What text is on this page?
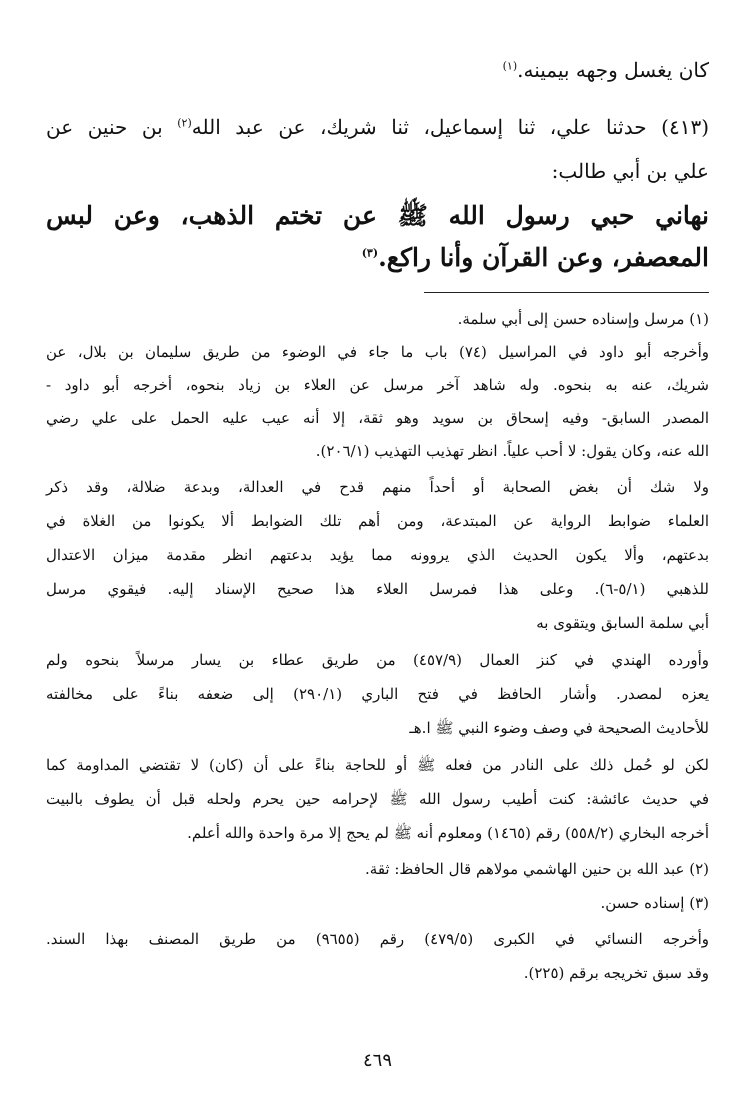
كان يغسل وجهه بيمينه.$^{(١)}$
(٤١٣) حدثنا علي، ثنا إسماعيل، ثنا شريك، عن عبد الله$^{(٢)}$ بن حنين عن
علي بن أبي طالب:
نهاني حبي رسول الله ﷺ عن تختم الذهب، وعن لبس
المعصفر، وعن القرآن وأنا راكع.$^{(٣)}$
(١) مرسل وإسناده حسن إلى أبي سلمة.
وأخرجه أبو داود في المراسيل (٧٤) باب ما جاء في الوضوء من طريق سليمان بن بلال، عن
شريك، عنه به بنحوه. وله شاهد آخر مرسل عن العلاء بن زياد بنحوه، أخرجه أبو داود -
المصدر السابق- وفيه إسحاق بن سويد وهو ثقة، إلا أنه عيب عليه الحمل على علي رضي
الله عنه، وكان يقول: لا أحب علياً. انظر تهذيب التهذيب (٢٠٦/١).
ولا شك أن بغض الصحابة أو أحداً منهم قدح في العدالة، وبدعة ضلالة، وقد ذكر
العلماء ضوابط الرواية عن المبتدعة، ومن أهم تلك الضوابط ألا يكونوا من الغلاة في
بدعتهم، وألا يكون الحديث الذي يروونه مما يؤيد بدعتهم انظر مقدمة ميزان الاعتدال
للذهبي (٥/١-٦). وعلى هذا فمرسل العلاء هذا صحيح الإسناد إليه. فيقوي مرسل
أبي سلمة السابق ويتقوى به
وأورده الهندي في كنز العمال (٤٥٧/٩) من طريق عطاء بن يسار مرسلاً بنحوه ولم
يعزه لمصدر. وأشار الحافظ في فتح الباري (٢٩٠/١) إلى ضعفه بناءً على مخالفته
للأحاديث الصحيحة في وصف وضوء النبي ﷺ ا.هـ
لكن لو حُمل ذلك على النادر من فعله ﷺ أو للحاجة بناءً على أن (كان) لا تقتضي المداومة كما
في حديث عائشة: كنت أطيب رسول الله ﷺ لإحرامه حين يحرم ولحله قبل أن يطوف بالبيت
أخرجه البخاري (٥٥٨/٢) رقم (١٤٦٥) ومعلوم أنه ﷺ لم يحج إلا مرة واحدة والله أعلم.
(٢) عبد الله بن حنين الهاشمي مولاهم قال الحافظ: ثقة.
(٣) إسناده حسن.
وأخرجه النسائي في الكبرى (٤٧٩/٥) رقم (٩٦٥٥) من طريق المصنف بهذا السند.
وقد سبق تخريجه برقم (٢٢٥).
٤٦٩
